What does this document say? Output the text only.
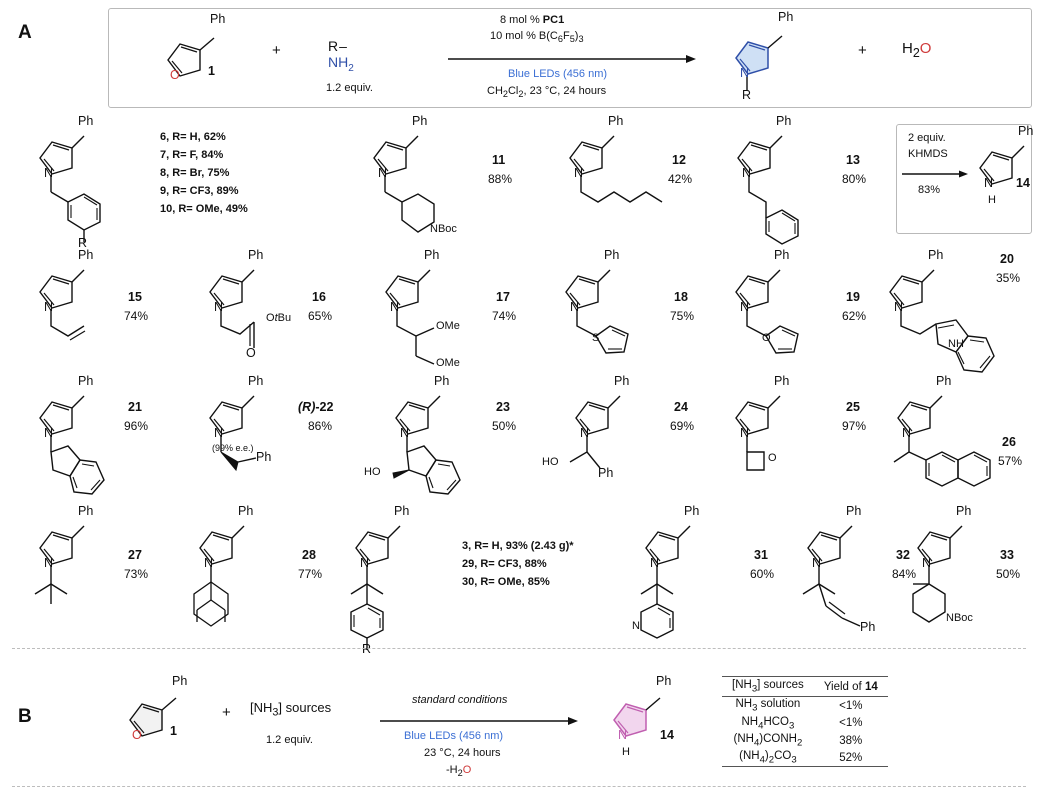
A
Ph
O 1
+	$R-NH_2$
1.2 equiv.
8 mol % PC1
10 mol % $B(C_6F_5)_3$
Blue LEDs (456 nm)
$CH_2Cl_2$, 23 °C, 24 hours
Ph
N
R
+ $H_2O$
Ph
N
R
6, R= H, 62%
7, R= F, 84%
8, R= Br, 75%
9, R= CF3, 89%
10, R= OMe, 49%
Ph
N
NBoc
11
88%
Ph
N
12
42%
Ph
N
13
80%
2 equiv.
KHMDS
83%
Ph
N
H
14
Ph
N
15
74%
Ph
N
OtBu
O
16
65%
Ph
N
OMe
OMe
17
74%
Ph
N
S
18
75%
Ph
N
O
19
62%
Ph
N
NH
20
35%
Ph
N
21
96%
Ph
N
*
Ph
(R)-22
86%
(99% e.e.)
Ph
N
HO
23
50%
Ph
N
HO
Ph
24
69%
Ph
N
O
25
97%
Ph
N
26
57%
Ph
N
27
73%
Ph
N
28
77%
Ph
N
R
3, R= H, 93% (2.43 g)*
29, R= CF3, 88%
30, R= OMe, 85%
Ph
N
N
31
60%
Ph
N
Ph
32
84%
Ph
N
NBoc
33
50%
B
Ph
O 1
+ $[NH_3]$ sources
1.2 equiv.
standard conditions
Blue LEDs (456 nm)
23 °C, 24 hours
$-H_2O$
Ph
N
H
14
$[NH_3]$ sources	Yield of 14
$NH_3$ solution	<1%
$NH_4HCO_3$	<1%
$(NH_4)CONH_2$	38%
$(NH_4)_2CO_3$	52%
